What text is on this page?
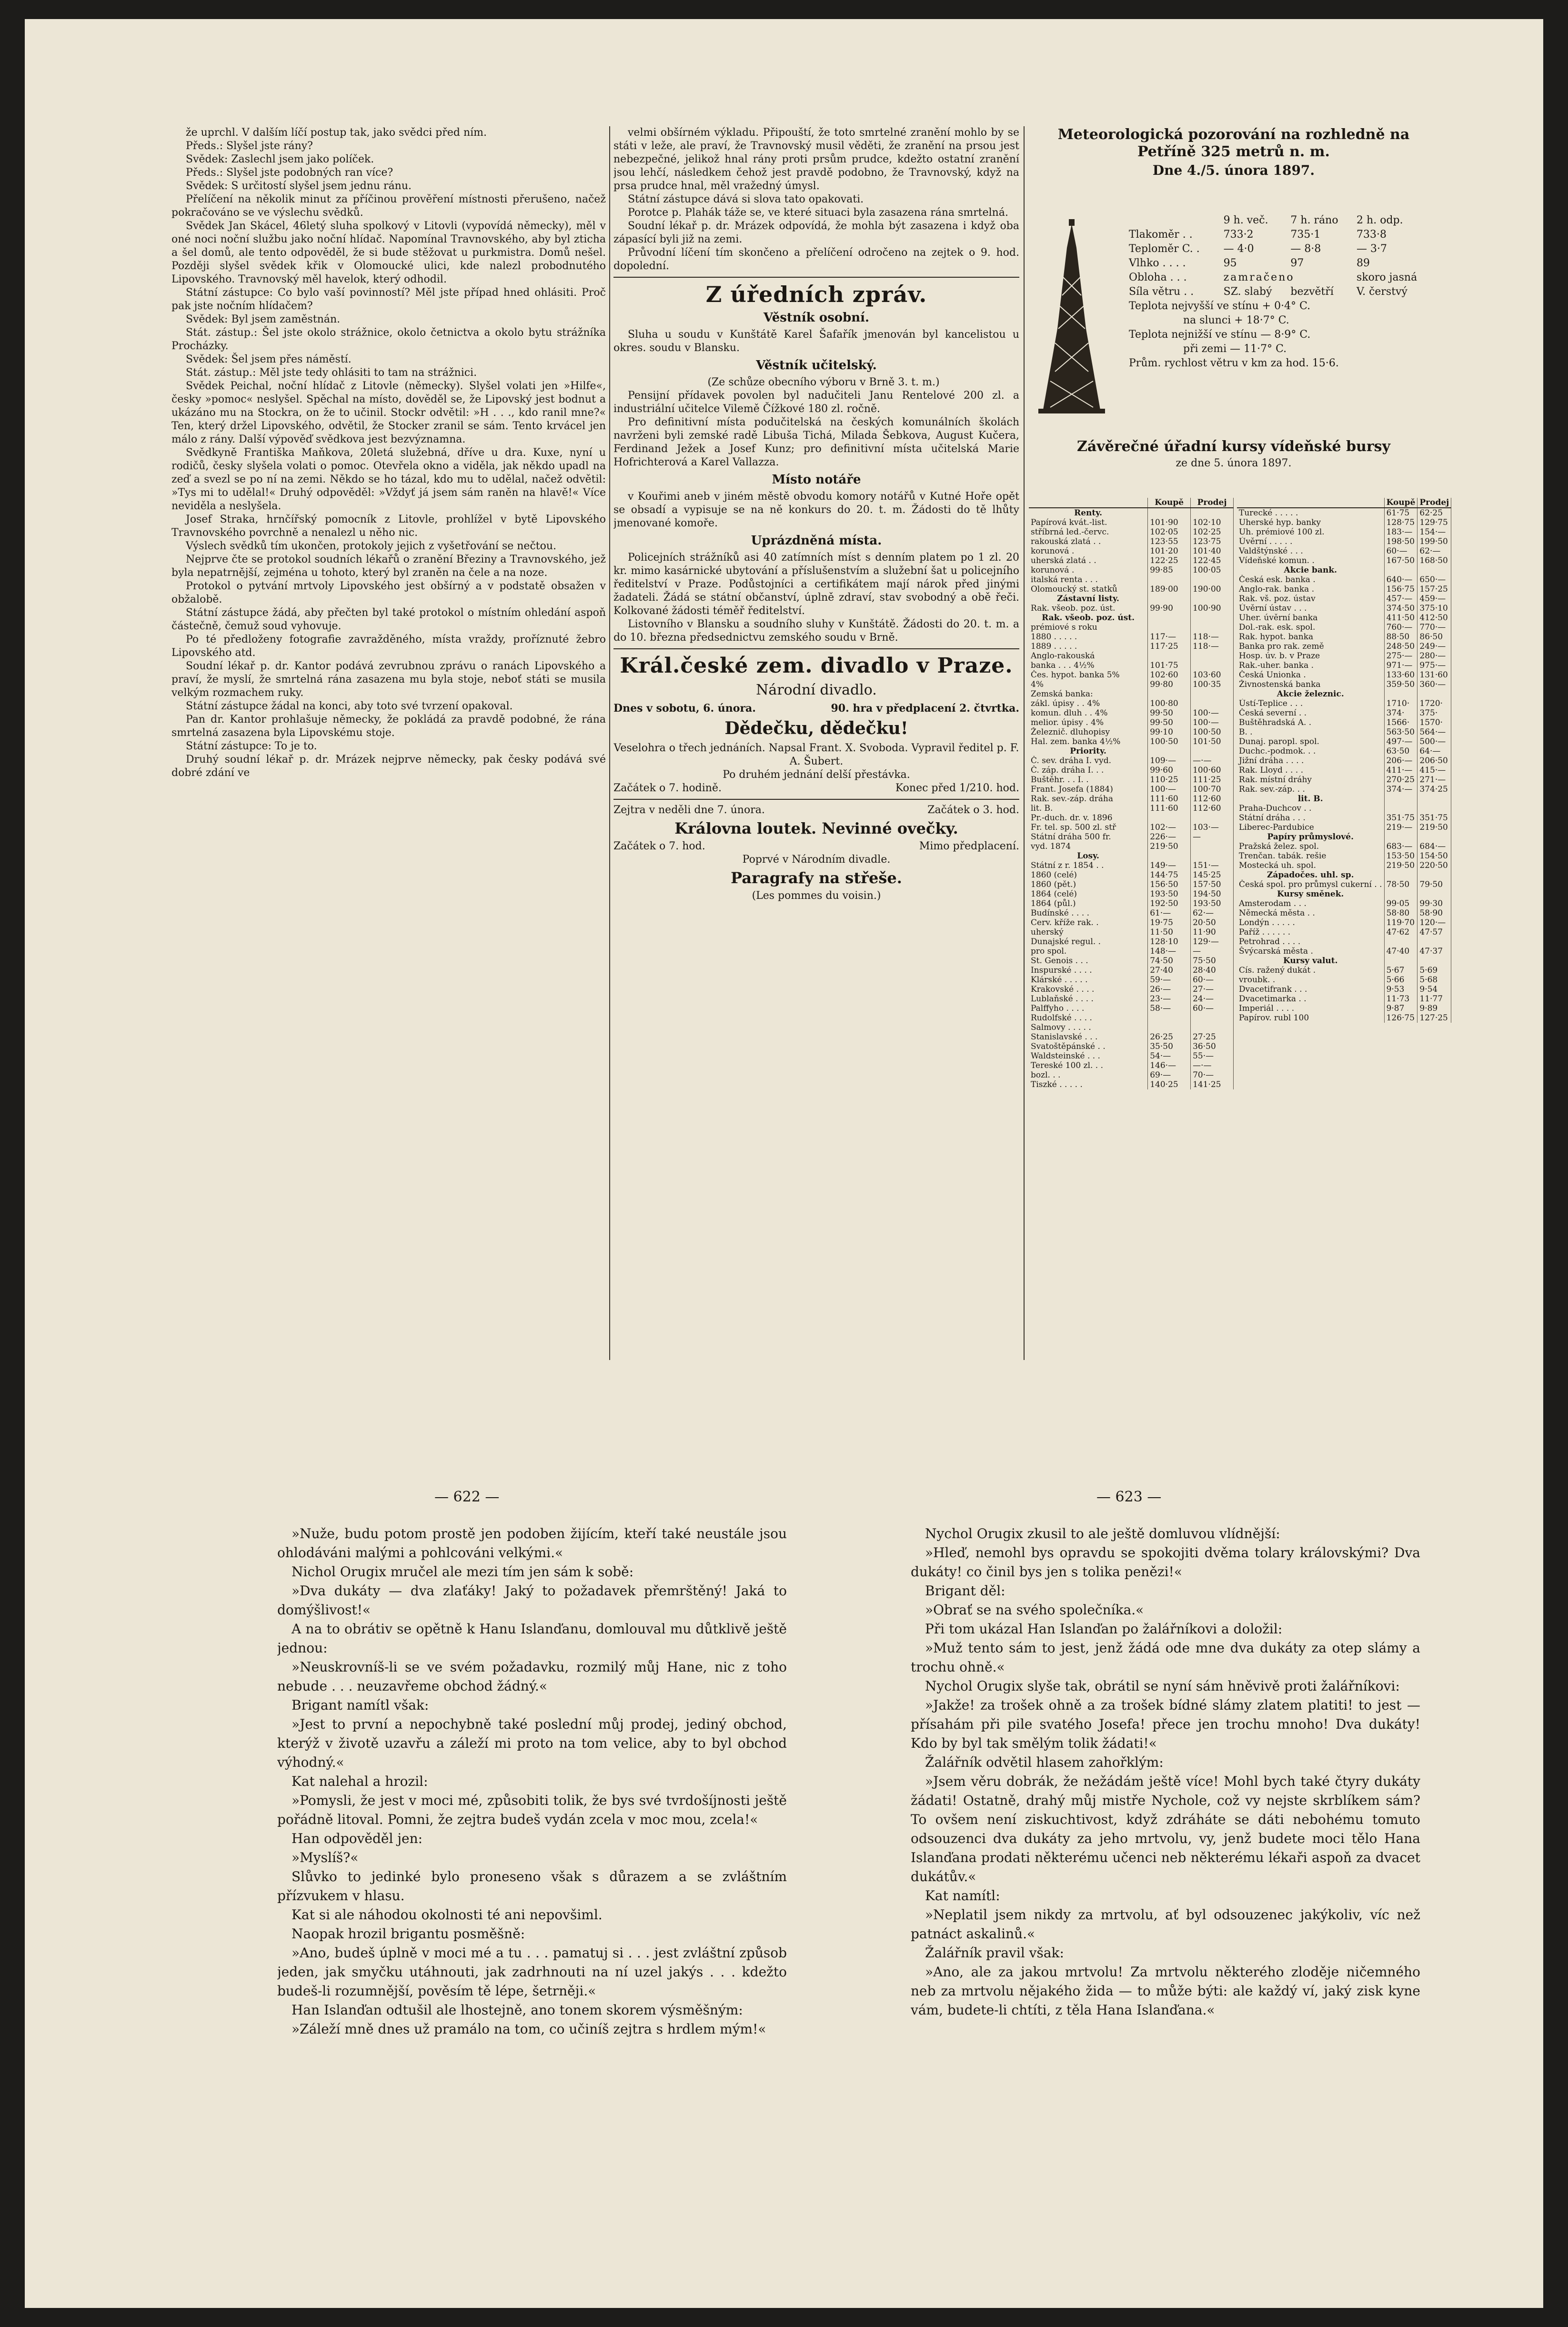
že uprchl. V dalším líčí postup tak, jako svědci před ním.

Předs.: Slyšel jste rány?

Svědek: Zaslechl jsem jako políček.

Předs.: Slyšel jste podobných ran více?

Svědek: S určitostí slyšel jsem jednu ránu.

Přelíčení na několik minut za příčinou prověření místnosti přerušeno, načež pokračováno se ve výslechu svědků.

Svědek Jan Skácel, 46letý sluha spolkový v Litovli (vypovídá německy), měl v oné noci noční službu jako noční hlídač. Napomínal Travnovského, aby byl zticha a šel domů, ale tento odpověděl, že si bude stěžovat u purkmistra. Domů nešel. Později slyšel svědek křik v Olomoucké ulici, kde nalezl probodnutého Lipovského. Travnovský měl havelok, který odhodil.

Státní zástupce: Co bylo vaší povinností? Měl jste případ hned ohlásiti. Proč pak jste nočním hlídačem?

Svědek: Byl jsem zaměstnán.

Stát. zástup.: Šel jste okolo strážnice, okolo četnictva a okolo bytu strážníka Procházky.

Svědek: Šel jsem přes náměstí.

Stát. zástup.: Měl jste tedy ohlásiti to tam na strážnici.

Svědek Peichal, noční hlídač z Litovle (německy). Slyšel volati jen »Hilfe«, česky »pomoc« neslyšel. Spěchal na místo, dověděl se, že Lipovský jest bodnut a ukázáno mu na Stockra, on že to učinil. Stockr odvětil: »H . . ., kdo ranil mne?« Ten, který držel Lipovského, odvětil, že Stocker zranil se sám. Tento krvácel jen málo z rány. Další výpověď svědkova jest bezvýznamna.

Svědkyně Františka Maňkova, 20letá služebná, dříve u dra. Kuxe, nyní u rodičů, česky slyšela volati o pomoc. Otevřela okno a viděla, jak někdo upadl na zeď a svezl se po ní na zemi. Někdo se ho tázal, kdo mu to udělal, načež odvětil: »Tys mi to udělal!« Druhý odpověděl: »Vždyť já jsem sám raněn na hlavě!« Více neviděla a neslyšela.

Josef Straka, hrnčířský pomocník z Litovle, prohlížel v bytě Lipovského Travnovského povrchně a nenalezl u něho nic.

Výslech svědků tím ukončen, protokoly jejich z vyšetřování se nečtou.

Nejprve čte se protokol soudních lékařů o zranění Březiny a Travnovského, jež byla nepatrnější, zejména u tohoto, který byl zraněn na čele a na noze.

Protokol o pytvání mrtvoly Lipovského jest obšírný a v podstatě obsažen v obžalobě.

Státní zástupce žádá, aby přečten byl také protokol o místním ohledání aspoň částečně, čemuž soud vyhovuje.

Po té předloženy fotografie zavražděného, místa vraždy, proříznuté žebro Lipovského atd.

Soudní lékař p. dr. Kantor podává zevrubnou zprávu o ranách Lipovského a praví, že myslí, že smrtelná rána zasazena mu byla stoje, neboť státi se musila velkým rozmachem ruky.

Státní zástupce žádal na konci, aby toto své tvrzení opakoval.

Pan dr. Kantor prohlašuje německy, že pokládá za pravdě podobné, že rána smrtelná zasazena byla Lipovskému stoje.

Státní zástupce: To je to.

Druhý soudní lékař p. dr. Mrázek nejprve německy, pak česky podává své dobré zdání ve

velmi obšírném výkladu. Připouští, že toto smrtelné zranění mohlo by se státi v leže, ale praví, že Travnovský musil věděti, že zranění na prsou jest nebezpečné, jelikož hnal rány proti prsům prudce, kdežto ostatní zranění jsou lehčí, následkem čehož jest pravdě podobno, že Travnovský, když na prsa prudce hnal, měl vražedný úmysl.

Státní zástupce dává si slova tato opakovati.

Porotce p. Plahák táže se, ve které situaci byla zasazena rána smrtelná.

Soudní lékař p. dr. Mrázek odpovídá, že mohla být zasazena i když oba zápasící byli již na zemi.

Průvodní líčení tím skončeno a přelíčení odročeno na zejtek o 9. hod. dopolední.

Z úředních zpráv.
Věstník osobní.

Sluha u soudu v Kunštátě Karel Šafařík jmenován byl kancelistou u okres. soudu v Blansku.

Věstník učitelský.

(Ze schůze obecního výboru v Brně 3. t. m.)

Pensijní přídavek povolen byl nadučiteli Janu Rentelové 200 zl. a industriální učitelce Vilemě Čížkové 180 zl. ročně.

Pro definitivní místa podučitelská na českých komunálních školách navrženi byli zemské radě Libuša Tichá, Milada Šebkova, August Kučera, Ferdinand Ježek a Josef Kunz; pro definitivní místa učitelská Marie Hofrichterová a Karel Vallazza.

Místo notáře

v Kouřimi aneb v jiném městě obvodu komory notářů v Kutné Hoře opět se obsadí a vypisuje se na ně konkurs do 20. t. m. Žádosti do tě lhůty jmenované komoře.

Uprázdněná místa.

Policejních strážníků asi 40 zatímních míst s denním platem po 1 zl. 20 kr. mimo kasárnické ubytování a příslušenstvím a služební šat u policejního ředitelství v Praze. Podůstojníci a certifikátem mají nárok před jinými žadateli. Žádá se státní občanství, úplně zdraví, stav svobodný a obě řeči. Kolkované žádosti téměř ředitelství.

Listovního v Blansku a soudního sluhy v Kunštátě. Žádosti do 20. t. m. a do 10. března předsednictvu zemského soudu v Brně.

Král.české zem. divadlo v Praze.
Národní divadlo.
Dnes v sobotu, 6. února.	90. hra v předplacení 2. čtvrtka.
Dědečku, dědečku!

Veselohra o třech jednáních. Napsal Frant. X. Svoboda. Vypravil ředitel p. F. A. Šubert.

Po druhém jednání delší přestávka.

Začátek o 7. hodině.	Konec před 1/210. hod.
Zejtra v neděli dne 7. února.	Začátek o 3. hod.
Královna loutek. Nevinné ovečky.
Začátek o 7. hod.	Mimo předplacení.
Poprvé v Národním divadle.
Paragrafy na střeše.
(Les pommes du voisin.)
Meteorologická pozorování na rozhledně na Petříně 325 metrů n. m.
Dne 4./5. února 1897.
	9 h. več.	7 h. ráno	2 h. odp.
Tlakoměr . .	733·2	735·1	733·8
Teploměr C. .	— 4·0	— 8·8	— 3·7
Vlhko . . . .	95	97	89
Obloha . . .	zamračeno		skoro jasná
Síla větru . .	SZ. slabý	bezvětří	V. čerstvý
Teplota nejvyšší ve stínu + 0·4° C.			
na slunci + 18·7° C.			
Teplota nejnižší ve stínu — 8·9° C.			
při zemi — 11·7° C.			
Prům. rychlost větru v km za hod. 15·6.			
Závěrečné úřadní kursy vídeňské bursy
ze dne 5. února 1897.
	Koupě	Prodej
Renty.		
Papírová kvát.-list.	101·90	102·10
stříbrná led.-červc.	102·05	102·25
rakouská zlatá . .	123·55	123·75
korunová .	101·20	101·40
uherská zlatá . .	122·25	122·45
korunová .	99·85	100·05
italská renta . . .		
Olomoucký st. statků	189·00	190·00
Zástavní listy.		
Rak. všeob. poz. úst.	99·90	100·90
Rak. všeob. poz. úst.		
prémiové s roku		
1880 . . . . .	117·—	118·—
1889 . . . . .	117·25	118·—
Anglo-rakouská		
banka . . . 4½%	101·75	
Čes. hypot. banka 5%	102·60	103·60
4%	99·80	100·35
Zemská banka:		
zákl. úpisy . . 4%	100·80	
komun. dluh . . 4%	99·50	100·—
melior. úpisy . 4%	99·50	100·—
Železnič. dluhopisy	99·10	100·50
Hal. zem. banka 4½%	100·50	101·50
Priority.		
Č. sev. dráha I. vyd.	109·—	—·—
Č. záp. dráha I. . .	99·60	100·60
Buštěhr. . . I. .	110·25	111·25
Frant. Josefa (1884)	100·—	100·70
Rak. sev.-záp. dráha	111·60	112·60
lit. B.	111·60	112·60
Pr.-duch. dr. v. 1896		
Fr. tel. sp. 500 zl. stř	102·—	103·—
Státní dráha 500 fr.	226·—	—
vyd. 1874	219·50	
Losy.		
Státní z r. 1854 . .	149·—	151·—
1860 (celé)	144·75	145·25
1860 (pět.)	156·50	157·50
1864 (celé)	193·50	194·50
1864 (půl.)	192·50	193·50
Budínské . . . .	61·—	62·—
Cerv. kříže rak. .	19·75	20·50
uherský	11·50	11·90
Dunajské regul. .	128·10	129·—
pro spol.	148·—	—
St. Genois . . .	74·50	75·50
Inspurské . . . .	27·40	28·40
Klárské . . . . .	59·—	60·—
Krakovské . . . .	26·—	27·—
Lublaňské . . . .	23·—	24·—
Palffyho . . . .	58·—	60·—
Rudolfské . . . .		
Salmovy . . . . .		
Stanislavské . . .	26·25	27·25
Svatoštěpánské . .	35·50	36·50
Waldsteinské . . .	54·—	55·—
Tereské 100 zl. . .	146·—	—·—
bozl. . .	69·—	70·—
Tiszké . . . . .	140·25	141·25
	Koupě	Prodej
Turecké . . . . .	61·75	62·25
Uherské hyp. banky	128·75	129·75
Uh. prémiové 100 zl.	183·—	154·—
Úvěrní . . . . .	198·50	199·50
Valdštýnské . . .	60·—	62·—
Vídeňské komun. .	167·50	168·50
Akcie bank.		
Česká esk. banka .	640·—	650·—
Anglo-rak. banka .	156·75	157·25
Rak. vš. poz. ústav	457·—	459·—
Úvěrní ústav . . .	374·50	375·10
Uher. úvěrní banka	411·50	412·50
Dol.-rak. esk. spol.	760·—	770·—
Rak. hypot. banka	88·50	86·50
Banka pro rak. země	248·50	249·—
Hosp. úv. b. v Praze	275·—	280·—
Rak.-uher. banka .	971·—	975·—
Česká Unionka .	133·60	131·60
Živnostenská banka	359·50	360·—
Akcie železnic.		
Ústí-Teplice . . .	1710·	1720·
Česká severní . .	374·	375·
Buštěhradská A. .	1566·	1570·
B. .	563·50	564·—
Dunaj. paropl. spol.	497·—	500·—
Duchc.-podmok. . .	63·50	64·—
Jižní dráha . . . .	206·—	206·50
Rak. Lloyd . . . .	411·—	415·—
Rak. místní dráhy	270·25	271·—
Rak. sev.-záp. . .	374·—	374·25
lit. B.		
Praha-Duchcov . .		
Státní dráha . . .	351·75	351·75
Liberec-Pardubice	219·—	219·50
Papíry průmyslové.		
Pražská želez. spol.	683·—	684·—
Trenčan. tabák. rešie	153·50	154·50
Mostecká uh. spol.	219·50	220·50
Západočes. uhl. sp.		
Česká spol. pro průmysl cukerní . .	78·50	79·50
Kursy směnek.		
Amsterodam . . .	99·05	99·30
Německá města . .	58·80	58·90
Londýn . . . . .	119·70	120·—
Paříž . . . . . .	47·62	47·57
Petrohrad . . . .		
Švýcarská města .	47·40	47·37
Kursy valut.		
Cís. ražený dukát .	5·67	5·69
vroubk. .	5·66	5·68
Dvacetifrank . . .	9·53	9·54
Dvacetimarka . .	11·73	11·77
Imperiál . . . .	9·87	9·89
Papírov. rubl 100	126·75	127·25
— 622 —	— 623 —

»Nuže, budu potom prostě jen podoben žijícím, kteří také neustále jsou ohlodáváni malými a pohlcováni velkými.«

Nichol Orugix mručel ale mezi tím jen sám k sobě:

»Dva dukáty — dva zlaťáky! Jaký to požadavek přemrštěný! Jaká to domýšlivost!«

A na to obrátiv se opětně k Hanu Islanďanu, domlouval mu důtklivě ještě jednou:

»Neuskrovníš-li se ve svém požadavku, rozmilý můj Hane, nic z toho nebude . . . neuzavřeme obchod žádný.«

Brigant namítl však:

»Jest to první a nepochybně také poslední můj prodej, jediný obchod, kterýž v životě uzavřu a záleží mi proto na tom velice, aby to byl obchod výhodný.«

Kat nalehal a hrozil:

»Pomysli, že jest v moci mé, způsobiti tolik, že bys své tvrdošíjnosti ještě pořádně litoval. Pomni, že zejtra budeš vydán zcela v moc mou, zcela!«

Han odpověděl jen:

»Myslíš?«

Slůvko to jedinké bylo proneseno však s důrazem a se zvláštním přízvukem v hlasu.

Kat si ale náhodou okolnosti té ani nepovšiml.

Naopak hrozil brigantu posměšně:

»Ano, budeš úplně v moci mé a tu . . . pamatuj si . . . jest zvláštní způsob jeden, jak smyčku utáhnouti, jak zadrhnouti na ní uzel jakýs . . . kdežto budeš-li rozumnější, pověsím tě lépe, šetrněji.«

Han Islanďan odtušil ale lhostejně, ano tonem skorem výsměšným:

»Záleží mně dnes už pramálo na tom, co učiníš zejtra s hrdlem mým!«

Nychol Orugix zkusil to ale ještě domluvou vlídnější:

»Hleď, nemohl bys opravdu se spokojiti dvěma tolary královskými? Dva dukáty! co činil bys jen s tolika penězi!«

Brigant děl:

»Obrať se na svého společníka.«

Při tom ukázal Han Islanďan po žalářníkovi a doložil:

»Muž tento sám to jest, jenž žádá ode mne dva dukáty za otep slámy a trochu ohně.«

Nychol Orugix slyše tak, obrátil se nyní sám hněvivě proti žalářníkovi:

»Jakže! za trošek ohně a za trošek bídné slámy zlatem platiti! to jest — přísahám při pile svatého Josefa! přece jen trochu mnoho! Dva dukáty! Kdo by byl tak smělým tolik žádati!«

Žalářník odvětil hlasem zahořklým:

»Jsem věru dobrák, že nežádám ještě více! Mohl bych také čtyry dukáty žádati! Ostatně, drahý můj mistře Nychole, což vy nejste skrblíkem sám? To ovšem není ziskuchtivost, když zdráháte se dáti nebohému tomuto odsouzenci dva dukáty za jeho mrtvolu, vy, jenž budete moci tělo Hana Islanďana prodati některému učenci neb některému lékaři aspoň za dvacet dukátův.«

Kat namítl:

»Neplatil jsem nikdy za mrtvolu, ať byl odsouzenec jakýkoliv, víc než patnáct askalinů.«

Žalářník pravil však:

»Ano, ale za jakou mrtvolu! Za mrtvolu některého zloděje ničemného neb za mrtvolu nějakého žida — to může býti: ale každý ví, jaký zisk kyne vám, budete-li chtíti, z těla Hana Islanďana.«
